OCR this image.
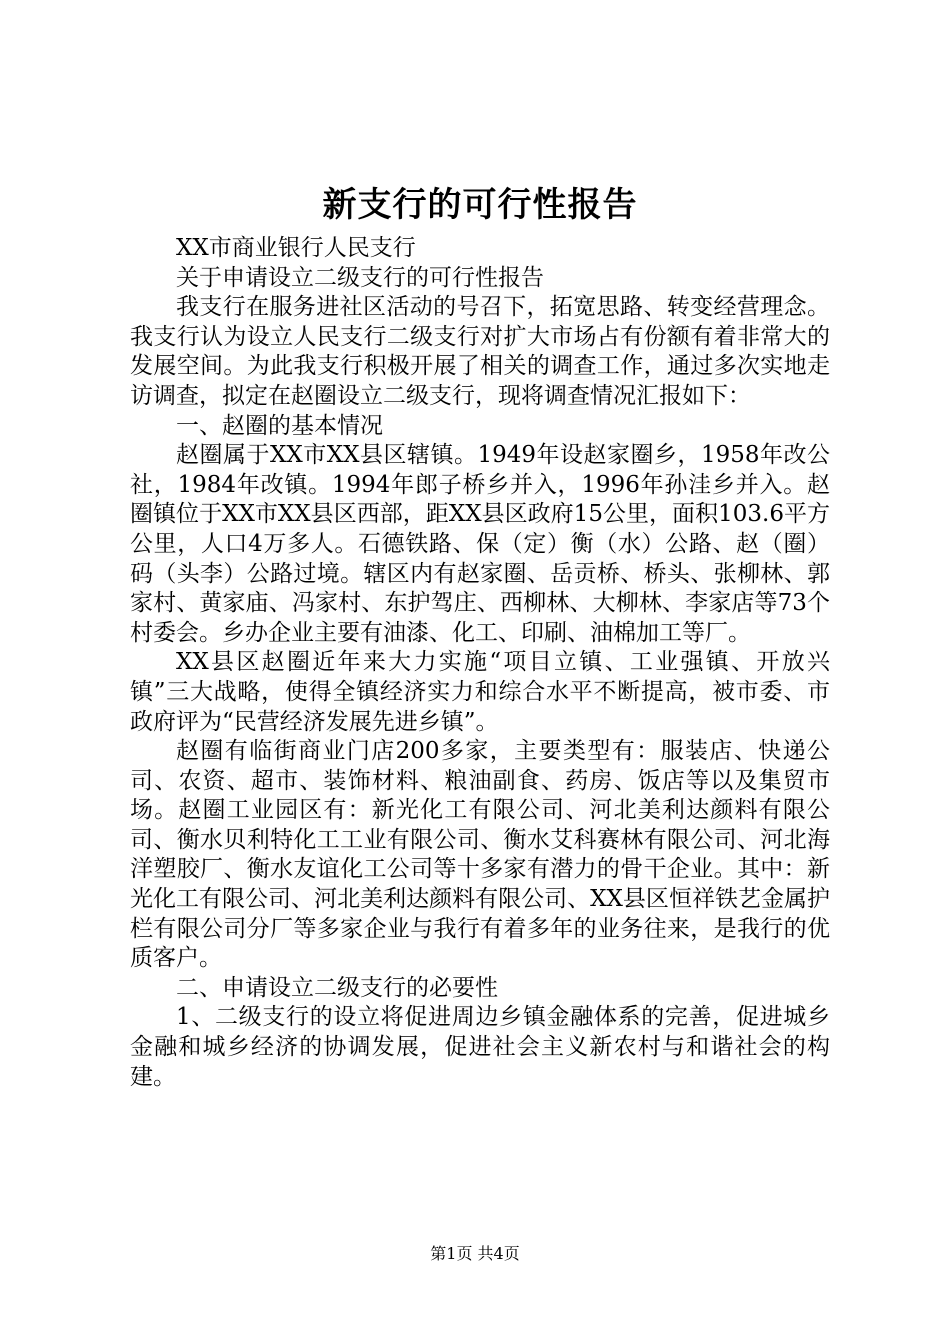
新支行的可行性报告

XX市商业银行人民支行

关于申请设立二级支行的可行性报告

我支行在服务进社区活动的号召下，拓宽思路、转变经营理念。我支行认为设立人民支行二级支行对扩大市场占有份额有着非常大的发展空间。为此我支行积极开展了相关的调查工作，通过多次实地走访调查，拟定在赵圈设立二级支行，现将调查情况汇报如下：

一、赵圈的基本情况

赵圈属于XX市XX县区辖镇。1949年设赵家圈乡，1958年改公社，1984年改镇。1994年郎子桥乡并入，1996年孙洼乡并入。赵圈镇位于XX市XX县区西部，距XX县区政府15公里，面积103.6平方公里，人口4万多人。石德铁路、保（定）衡（水）公路、赵（圈）码（头李）公路过境。辖区内有赵家圈、岳贡桥、桥头、张柳林、郭家村、黄家庙、冯家村、东护驾庄、西柳林、大柳林、李家店等73个村委会。乡办企业主要有油漆、化工、印刷、油棉加工等厂。

XX县区赵圈近年来大力实施“项目立镇、工业强镇、开放兴镇”三大战略，使得全镇经济实力和综合水平不断提高，被市委、市政府评为“民营经济发展先进乡镇”。

赵圈有临街商业门店200多家，主要类型有：服装店、快递公司、农资、超市、装饰材料、粮油副食、药房、饭店等以及集贸市场。赵圈工业园区有：新光化工有限公司、河北美利达颜料有限公司、衡水贝利特化工工业有限公司、衡水艾科赛林有限公司、河北海洋塑胶厂、衡水友谊化工公司等十多家有潜力的骨干企业。其中：新光化工有限公司、河北美利达颜料有限公司、XX县区恒祥铁艺金属护栏有限公司分厂等多家企业与我行有着多年的业务往来，是我行的优质客户。

二、申请设立二级支行的必要性

1、二级支行的设立将促进周边乡镇金融体系的完善，促进城乡金融和城乡经济的协调发展，促进社会主义新农村与和谐社会的构建。

第1页 共4页
